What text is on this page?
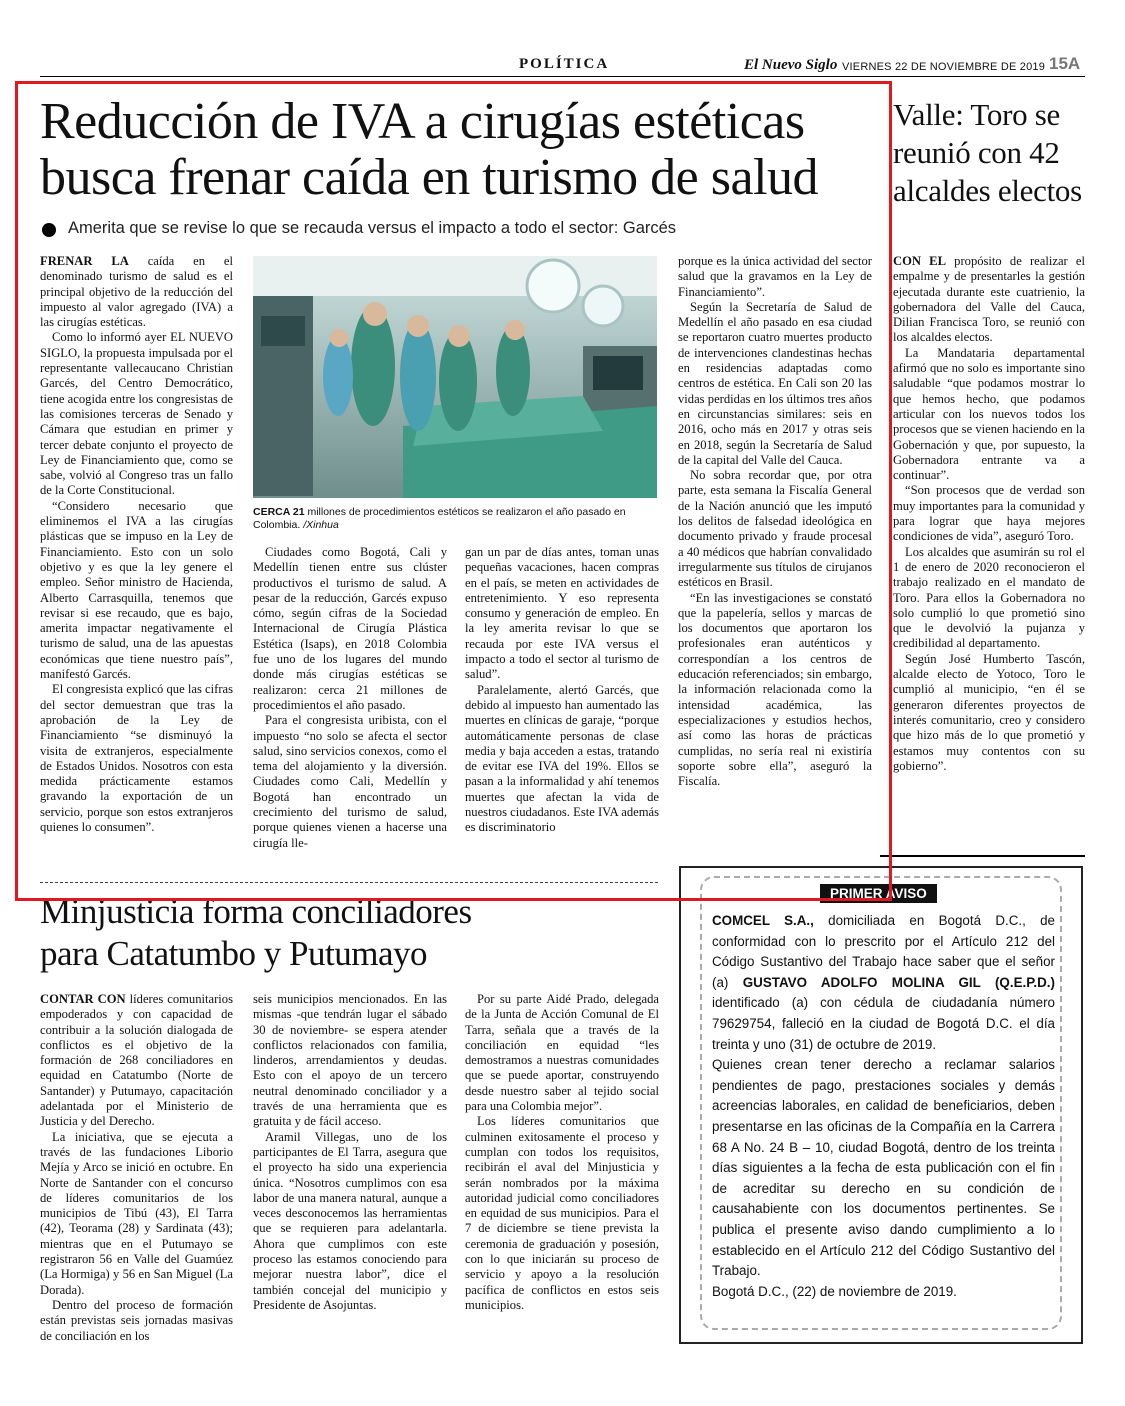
POLÍTICA	El Nuevo Siglo VIERNES 22 DE NOVIEMBRE DE 2019 15A
Reducción de IVA a cirugías estéticas
busca frenar caída en turismo de salud
Amerita que se revise lo que se recauda versus el impacto a todo el sector: Garcés

FRENAR LA caída en el denominado turismo de salud es el principal objetivo de la reducción del impuesto al valor agregado (IVA) a las cirugías estéticas.

Como lo informó ayer EL NUEVO SIGLO, la propuesta impulsada por el representante vallecaucano Christian Garcés, del Centro Democrático, tiene acogida entre los congresistas de las comisiones terceras de Senado y Cámara que estudian en primer y tercer debate conjunto el proyecto de Ley de Financiamiento que, como se sabe, volvió al Congreso tras un fallo de la Corte Constitucional.

“Considero necesario que eliminemos el IVA a las cirugías plásticas que se impuso en la Ley de Financiamiento. Esto con un solo objetivo y es que la ley genere el empleo. Señor ministro de Hacienda, Alberto Carrasquilla, tenemos que revisar si ese recaudo, que es bajo, amerita impactar negativamente el turismo de salud, una de las apuestas económicas que tiene nuestro país”, manifestó Garcés.

El congresista explicó que las cifras del sector demuestran que tras la aprobación de la Ley de Financiamiento “se disminuyó la visita de extranjeros, especialmente de Estados Unidos. Nosotros con esta medida prácticamente estamos gravando la exportación de un servicio, porque son estos extranjeros quienes lo consumen”.

CERCA 21 millones de procedimientos estéticos se realizaron el año pasado en Colombia. /Xinhua

Ciudades como Bogotá, Cali y Medellín tienen entre sus clúster productivos el turismo de salud. A pesar de la reducción, Garcés expuso cómo, según cifras de la Sociedad Internacional de Cirugía Plástica Estética (Isaps), en 2018 Colombia fue uno de los lugares del mundo donde más cirugías estéticas se realizaron: cerca 21 millones de procedimientos el año pasado.

Para el congresista uribista, con el impuesto “no solo se afecta el sector salud, sino servicios conexos, como el tema del alojamiento y la diversión. Ciudades como Cali, Medellín y Bogotá han encontrado un crecimiento del turismo de salud, porque quienes vienen a hacerse una cirugía lle-

gan un par de días antes, toman unas pequeñas vacaciones, hacen compras en el país, se meten en actividades de entretenimiento. Y eso representa consumo y generación de empleo. En la ley amerita revisar lo que se recauda por este IVA versus el impacto a todo el sector al turismo de salud”.

Paralelamente, alertó Garcés, que debido al impuesto han aumentado las muertes en clínicas de garaje, “porque automáticamente personas de clase media y baja acceden a estas, tratando de evitar ese IVA del 19%. Ellos se pasan a la informalidad y ahí tenemos muertes que afectan la vida de nuestros ciudadanos. Este IVA además es discriminatorio

porque es la única actividad del sector salud que la gravamos en la Ley de Financiamiento”.

Según la Secretaría de Salud de Medellín el año pasado en esa ciudad se reportaron cuatro muertes producto de intervenciones clandestinas hechas en residencias adaptadas como centros de estética. En Cali son 20 las vidas perdidas en los últimos tres años en circunstancias similares: seis en 2016, ocho más en 2017 y otras seis en 2018, según la Secretaría de Salud de la capital del Valle del Cauca.

No sobra recordar que, por otra parte, esta semana la Fiscalía General de la Nación anunció que les imputó los delitos de falsedad ideológica en documento privado y fraude procesal a 40 médicos que habrían convalidado irregularmente sus títulos de cirujanos estéticos en Brasil.

“En las investigaciones se constató que la papelería, sellos y marcas de los documentos que aportaron los profesionales eran auténticos y correspondían a los centros de educación referenciados; sin embargo, la información relacionada como la intensidad académica, las especializaciones y estudios hechos, así como las horas de prácticas cumplidas, no sería real ni existiría soporte sobre ella”, aseguró la Fiscalía.

Valle: Toro se reunió con 42 alcaldes electos

CON EL propósito de realizar el empalme y de presentarles la gestión ejecutada durante este cuatrienio, la gobernadora del Valle del Cauca, Dilian Francisca Toro, se reunió con los alcaldes electos.

La Mandataria departamental afirmó que no solo es importante sino saludable “que podamos mostrar lo que hemos hecho, que podamos articular con los nuevos todos los procesos que se vienen haciendo en la Gobernación y que, por supuesto, la Gobernadora entrante va a continuar”.

“Son procesos que de verdad son muy importantes para la comunidad y para lograr que haya mejores condiciones de vida”, aseguró Toro.

Los alcaldes que asumirán su rol el 1 de enero de 2020 reconocieron el trabajo realizado en el mandato de Toro. Para ellos la Gobernadora no solo cumplió lo que prometió sino que le devolvió la pujanza y credibilidad al departamento.

Según José Humberto Tascón, alcalde electo de Yotoco, Toro le cumplió al municipio, “en él se generaron diferentes proyectos de interés comunitario, creo y considero que hizo más de lo que prometió y estamos muy contentos con su gobierno”.

Minjusticia forma conciliadores
para Catatumbo y Putumayo

CONTAR CON líderes comunitarios empoderados y con capacidad de contribuir a la solución dialogada de conflictos es el objetivo de la formación de 268 conciliadores en equidad en Catatumbo (Norte de Santander) y Putumayo, capacitación adelantada por el Ministerio de Justicia y del Derecho.

La iniciativa, que se ejecuta a través de las fundaciones Liborio Mejía y Arco se inició en octubre. En Norte de Santander con el concurso de líderes comunitarios de los municipios de Tibú (43), El Tarra (42), Teorama (28) y Sardinata (43); mientras que en el Putumayo se registraron 56 en Valle del Guamúez (La Hormiga) y 56 en San Miguel (La Dorada).

Dentro del proceso de formación están previstas seis jornadas masivas de conciliación en los

seis municipios mencionados. En las mismas -que tendrán lugar el sábado 30 de noviembre- se espera atender conflictos relacionados con familia, linderos, arrendamientos y deudas. Esto con el apoyo de un tercero neutral denominado conciliador y a través de una herramienta que es gratuita y de fácil acceso.

Aramil Villegas, uno de los participantes de El Tarra, asegura que el proyecto ha sido una experiencia única. “Nosotros cumplimos con esa labor de una manera natural, aunque a veces desconocemos las herramientas que se requieren para adelantarla. Ahora que cumplimos con este proceso las estamos conociendo para mejorar nuestra labor”, dice el también concejal del municipio y Presidente de Asojuntas.

Por su parte Aidé Prado, delegada de la Junta de Acción Comunal de El Tarra, señala que a través de la conciliación en equidad “les demostramos a nuestras comunidades que se puede aportar, construyendo desde nuestro saber al tejido social para una Colombia mejor”.

Los líderes comunitarios que culminen exitosamente el proceso y cumplan con todos los requisitos, recibirán el aval del Minjusticia y serán nombrados por la máxima autoridad judicial como conciliadores en equidad de sus municipios. Para el 7 de diciembre se tiene prevista la ceremonia de graduación y posesión, con lo que iniciarán su proceso de servicio y apoyo a la resolución pacífica de conflictos en estos seis municipios.

PRIMER AVISO
COMCEL S.A., domiciliada en Bogotá D.C., de conformidad con lo prescrito por el Artículo 212 del Código Sustantivo del Trabajo hace saber que el señor (a) GUSTAVO ADOLFO MOLINA GIL (Q.E.P.D.) identificado (a) con cédula de ciudadanía número 79629754, falleció en la ciudad de Bogotá D.C. el día treinta y uno (31) de octubre de 2019.
Quienes crean tener derecho a reclamar salarios pendientes de pago, prestaciones sociales y demás acreencias laborales, en calidad de beneficiarios, deben presentarse en las oficinas de la Compañía en la Carrera 68 A No. 24 B – 10, ciudad Bogotá, dentro de los treinta días siguientes a la fecha de esta publicación con el fin de acreditar su derecho en su condición de causahabiente con los documentos pertinentes. Se publica el presente aviso dando cumplimiento a lo establecido en el Artículo 212 del Código Sustantivo del Trabajo.
Bogotá D.C., (22) de noviembre de 2019.
